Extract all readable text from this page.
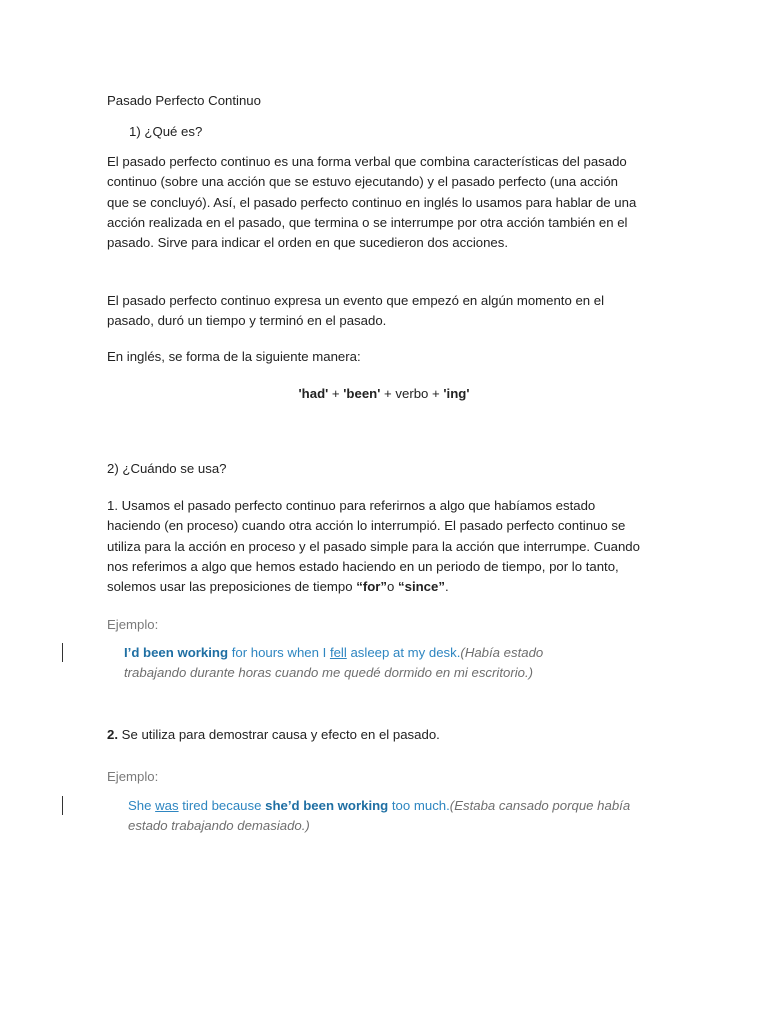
Pasado Perfecto Continuo
1) ¿Qué es?
El pasado perfecto continuo es una forma verbal que combina características del pasado
continuo (sobre una acción que se estuvo ejecutando) y el pasado perfecto (una acción
que se concluyó). Así, el pasado perfecto continuo en inglés lo usamos para hablar de una
acción realizada en el pasado, que termina o se interrumpe por otra acción también en el
pasado. Sirve para indicar el orden en que sucedieron dos acciones.
El pasado perfecto continuo expresa un evento que empezó en algún momento en el
pasado, duró un tiempo y terminó en el pasado.
En inglés, se forma de la siguiente manera:
'had' + 'been' + verbo + 'ing'
2) ¿Cuándo se usa?
1. Usamos el pasado perfecto continuo para referirnos a algo que habíamos estado
haciendo (en proceso) cuando otra acción lo interrumpió. El pasado perfecto continuo se
utiliza para la acción en proceso y el pasado simple para la acción que interrumpe. Cuando
nos referimos a algo que hemos estado haciendo en un periodo de tiempo, por lo tanto,
solemos usar las preposiciones de tiempo “for”o “since”.
Ejemplo:
I’d been working for hours when I fell asleep at my desk.(Había estado
trabajando durante horas cuando me quedé dormido en mi escritorio.)
2. Se utiliza para demostrar causa y efecto en el pasado.
Ejemplo:
She was tired because she’d been working too much.(Estaba cansado porque había
estado trabajando demasiado.)
